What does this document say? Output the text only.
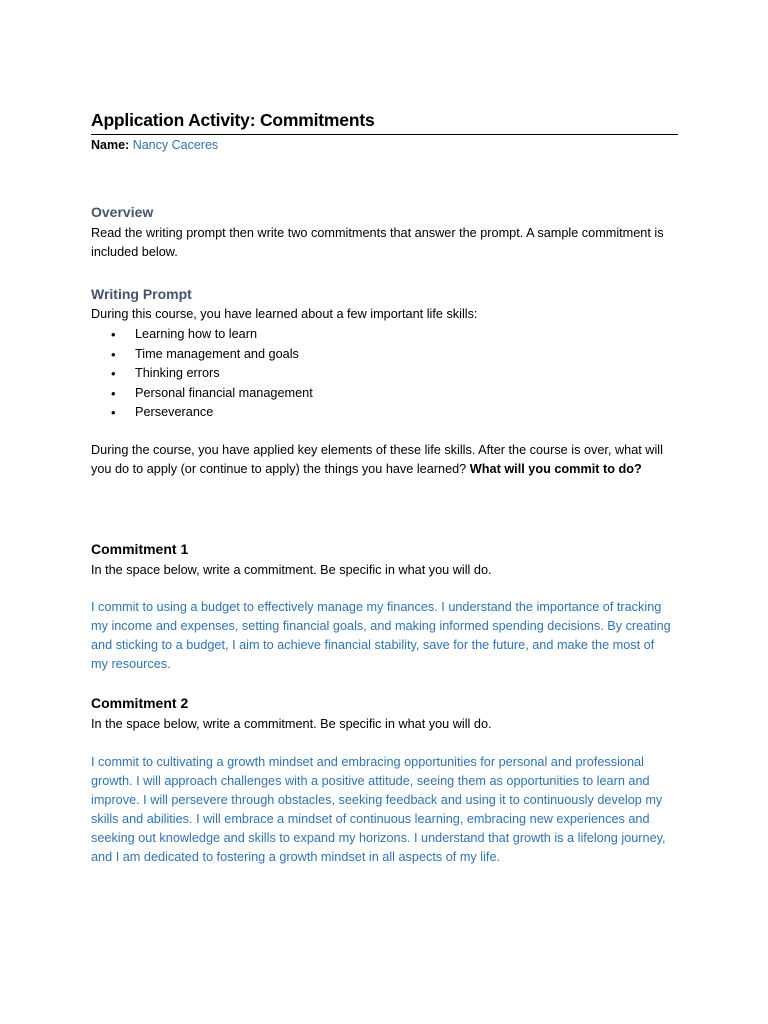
Application Activity: Commitments
Name: Nancy Caceres
Overview
Read the writing prompt then write two commitments that answer the prompt. A sample commitment is included below.
Writing Prompt
During this course, you have learned about a few important life skills:
• Learning how to learn
• Time management and goals
• Thinking errors
• Personal financial management
• Perseverance
During the course, you have applied key elements of these life skills. After the course is over, what will you do to apply (or continue to apply) the things you have learned? What will you commit to do?
Commitment 1
In the space below, write a commitment. Be specific in what you will do.
I commit to using a budget to effectively manage my finances. I understand the importance of tracking my income and expenses, setting financial goals, and making informed spending decisions. By creating and sticking to a budget, I aim to achieve financial stability, save for the future, and make the most of my resources.
Commitment 2
In the space below, write a commitment. Be specific in what you will do.
I commit to cultivating a growth mindset and embracing opportunities for personal and professional growth. I will approach challenges with a positive attitude, seeing them as opportunities to learn and improve. I will persevere through obstacles, seeking feedback and using it to continuously develop my skills and abilities. I will embrace a mindset of continuous learning, embracing new experiences and seeking out knowledge and skills to expand my horizons. I understand that growth is a lifelong journey, and I am dedicated to fostering a growth mindset in all aspects of my life.
